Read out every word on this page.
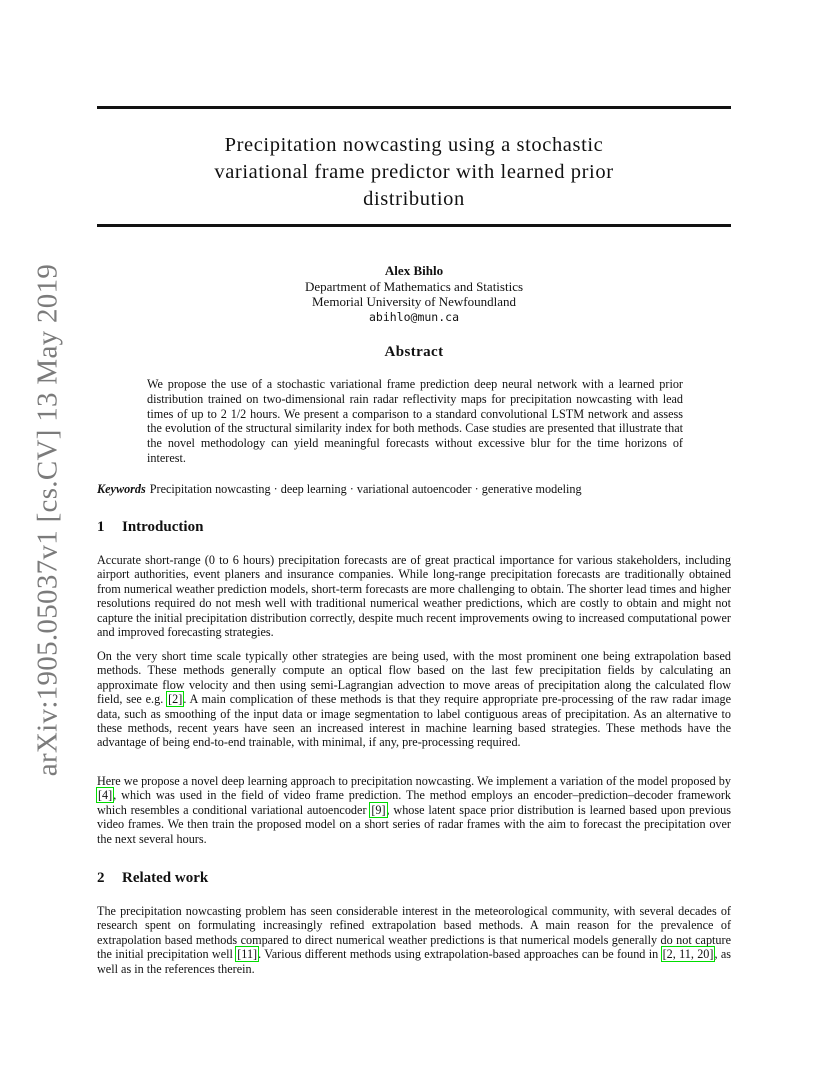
Precipitation nowcasting using a stochastic
variational frame predictor with learned prior
distribution
arXiv:1905.05037v1 [cs.CV] 13 May 2019	Alex Bihlo
Department of Mathematics and Statistics
Memorial University of Newfoundland
abihlo@mun.ca
Abstract

We propose the use of a stochastic variational frame prediction deep neural network with a learned prior distribution trained on two-dimensional rain radar reflectivity maps for precipitation nowcasting with lead times of up to 2 1/2 hours. We present a comparison to a standard convolutional LSTM network and assess the evolution of the structural similarity index for both methods. Case studies are presented that illustrate that the novel methodology can yield meaningful forecasts without excessive blur for the time horizons of interest.

Keywords Precipitation nowcasting · deep learning · variational autoencoder · generative modeling

1 Introduction

Accurate short-range (0 to 6 hours) precipitation forecasts are of great practical importance for various stakeholders, including airport authorities, event planers and insurance companies. While long-range precipitation forecasts are traditionally obtained from numerical weather prediction models, short-term forecasts are more challenging to obtain. The shorter lead times and higher resolutions required do not mesh well with traditional numerical weather predictions, which are costly to obtain and might not capture the initial precipitation distribution correctly, despite much recent improvements owing to increased computational power and improved forecasting strategies.

On the very short time scale typically other strategies are being used, with the most prominent one being extrapolation based methods. These methods generally compute an optical flow based on the last few precipitation fields by calculating an approximate flow velocity and then using semi-Lagrangian advection to move areas of precipitation along the calculated flow field, see e.g. [2]. A main complication of these methods is that they require appropriate pre-processing of the raw radar image data, such as smoothing of the input data or image segmentation to label contiguous areas of precipitation. As an alternative to these methods, recent years have seen an increased interest in machine learning based strategies. These methods have the advantage of being end-to-end trainable, with minimal, if any, pre-processing required.

Here we propose a novel deep learning approach to precipitation nowcasting. We implement a variation of the model proposed by [4], which was used in the field of video frame prediction. The method employs an encoder–prediction–decoder framework which resembles a conditional variational autoencoder [9], whose latent space prior distribution is learned based upon previous video frames. We then train the proposed model on a short series of radar frames with the aim to forecast the precipitation over the next several hours.

2 Related work

The precipitation nowcasting problem has seen considerable interest in the meteorological community, with several decades of research spent on formulating increasingly refined extrapolation based methods. A main reason for the prevalence of extrapolation based methods compared to direct numerical weather predictions is that numerical models generally do not capture the initial precipitation well [11]. Various different methods using extrapolation-based approaches can be found in [2, 11, 20], as well as in the references therein.
